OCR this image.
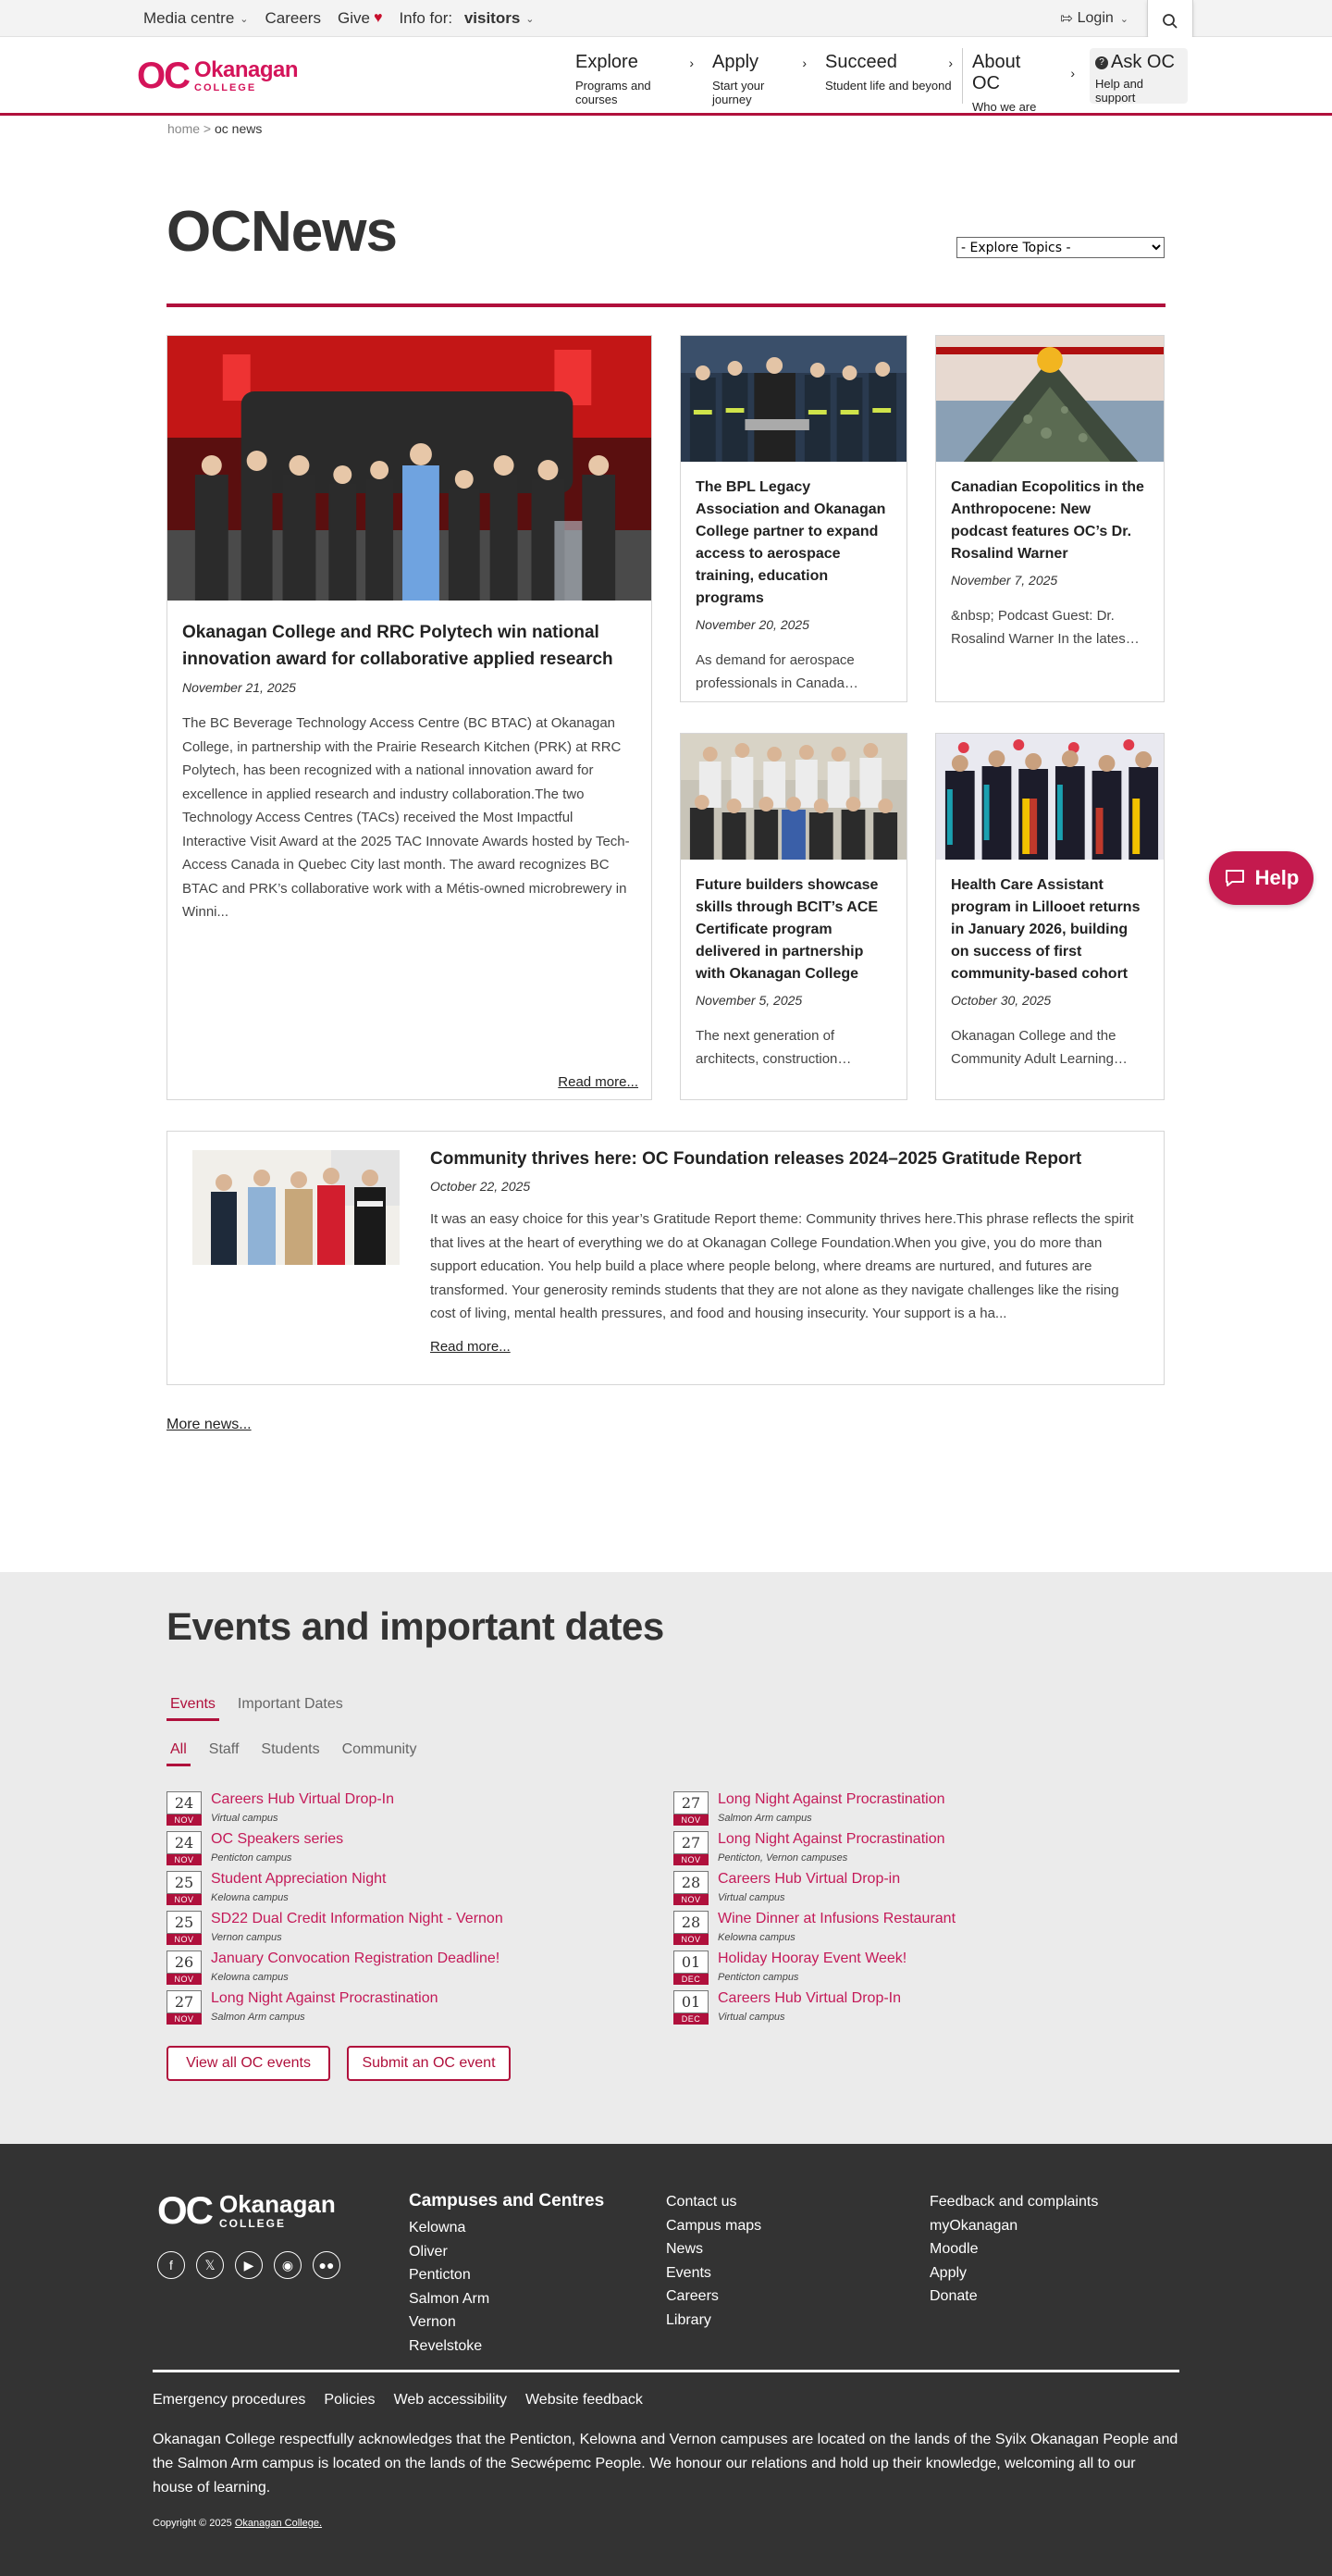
Media centre ⌄ Careers Give ♥ Info for:
visitors ⌄	⇰ Login ⌄
OC Okanagan
COLLEGE
Explore	›
Programs and courses
Apply	›
Start your journey
Succeed	›
Student life and beyond
About OC	›
Who we are
? Ask OC
Help and support
home > oc news
OCNews
- Explore Topics -
Okanagan College and RRC Polytech win national innovation award for collaborative applied research
November 21, 2025
The BC Beverage Technology Access Centre (BC BTAC) at Okanagan College, in partnership with the Prairie Research Kitchen (PRK) at RRC Polytech, has been recognized with a national innovation award for excellence in applied research and industry collaboration.The two Technology Access Centres (TACs) received the Most Impactful Interactive Visit Award at the 2025 TAC Innovate Awards hosted by Tech-Access Canada in Quebec City last month. The award recognizes BC BTAC and PRK’s collaborative work with a Métis-owned microbrewery in Winni...
Read more...
The BPL Legacy Association and Okanagan College partner to expand access to aerospace training, education programs
November 20, 2025
As demand for aerospace professionals in Canada…
Canadian Ecopolitics in the Anthropocene: New podcast features OC’s Dr. Rosalind Warner
November 7, 2025
&nbsp; Podcast Guest: Dr. Rosalind Warner In the lates…
Future builders showcase skills through BCIT’s ACE Certificate program delivered in partnership with Okanagan College
November 5, 2025
The next generation of architects, construction…
Health Care Assistant program in Lillooet returns in January 2026, building on success of first community-based cohort
October 30, 2025
Okanagan College and the Community Adult Learning…
Community thrives here: OC Foundation releases 2024–2025 Gratitude Report
October 22, 2025
It was an easy choice for this year’s Gratitude Report theme: Community thrives here.This phrase reflects the spirit that lives at the heart of everything we do at Okanagan College Foundation.When you give, you do more than support education. You help build a place where people belong, where dreams are nurtured, and futures are transformed. Your generosity reminds students that they are not alone as they navigate challenges like the rising cost of living, mental health pressures, and food and housing insecurity. Your support is a ha...
Read more...
More news...
Help
Events and important dates
Events Important Dates
All Staff Students Community
24
NOV
Careers Hub Virtual Drop-In
Virtual campus
24
NOV
OC Speakers series
Penticton campus
25
NOV
Student Appreciation Night
Kelowna campus
25
NOV
SD22 Dual Credit Information Night - Vernon
Vernon campus
26
NOV
January Convocation Registration Deadline!
Kelowna campus
27
NOV
Long Night Against Procrastination
Salmon Arm campus
27
NOV
Long Night Against Procrastination
Salmon Arm campus
27
NOV
Long Night Against Procrastination
Penticton, Vernon campuses
28
NOV
Careers Hub Virtual Drop-in
Virtual campus
28
NOV
Wine Dinner at Infusions Restaurant
Kelowna campus
01
DEC
Holiday Hooray Event Week!
Penticton campus
01
DEC
Careers Hub Virtual Drop-In
Virtual campus
View all OC events	Submit an OC event
OC Okanagan
COLLEGE
f	𝕏	▶	◉	●●
Campuses and Centres
Kelowna
Oliver
Penticton
Salmon Arm
Vernon
Revelstoke
Contact us
Campus maps
News
Events
Careers
Library
Feedback and complaints
myOkanagan
Moodle
Apply
Donate
Emergency procedures Policies Web accessibility Website feedback

Okanagan College respectfully acknowledges that the Penticton, Kelowna and Vernon campuses are located on the lands of the Syilx Okanagan People and the Salmon Arm campus is located on the lands of the Secwépemc People. We honour our relations and hold up their knowledge, welcoming all to our house of learning.

Copyright © 2025 Okanagan College.
